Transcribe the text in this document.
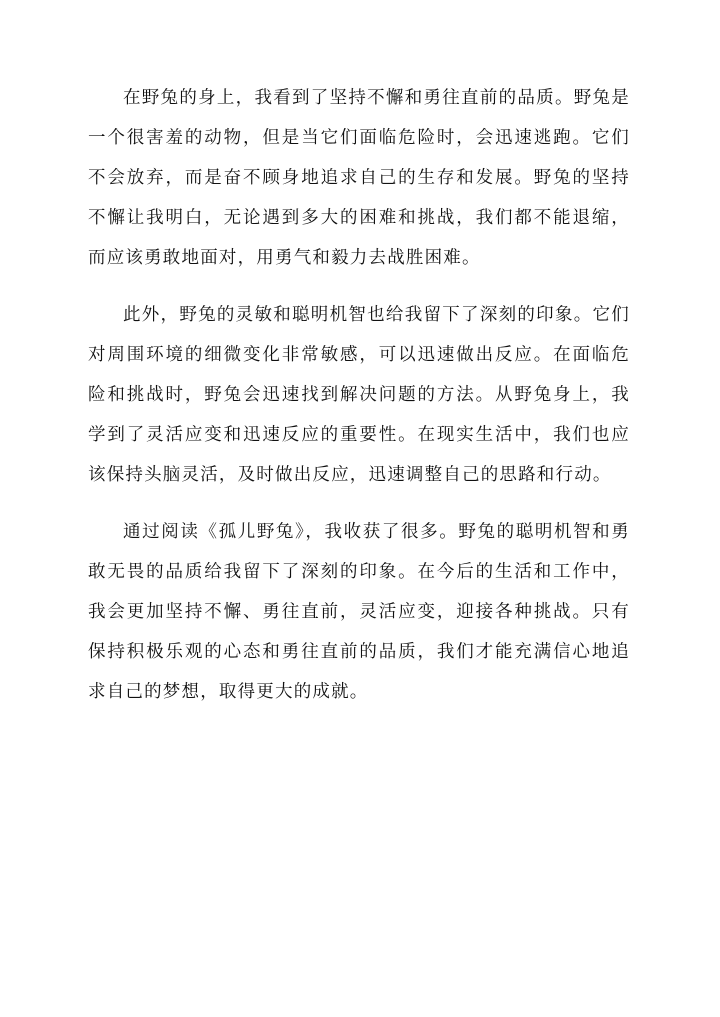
在野兔的身上，我看到了坚持不懈和勇往直前的品质。野兔是一个很害羞的动物，但是当它们面临危险时，会迅速逃跑。它们不会放弃，而是奋不顾身地追求自己的生存和发展。野兔的坚持不懈让我明白，无论遇到多大的困难和挑战，我们都不能退缩，而应该勇敢地面对，用勇气和毅力去战胜困难。

此外，野兔的灵敏和聪明机智也给我留下了深刻的印象。它们对周围环境的细微变化非常敏感，可以迅速做出反应。在面临危险和挑战时，野兔会迅速找到解决问题的方法。从野兔身上，我学到了灵活应变和迅速反应的重要性。在现实生活中，我们也应该保持头脑灵活，及时做出反应，迅速调整自己的思路和行动。

通过阅读《孤儿野兔》，我收获了很多。野兔的聪明机智和勇敢无畏的品质给我留下了深刻的印象。在今后的生活和工作中，我会更加坚持不懈、勇往直前，灵活应变，迎接各种挑战。只有保持积极乐观的心态和勇往直前的品质，我们才能充满信心地追求自己的梦想，取得更大的成就。
